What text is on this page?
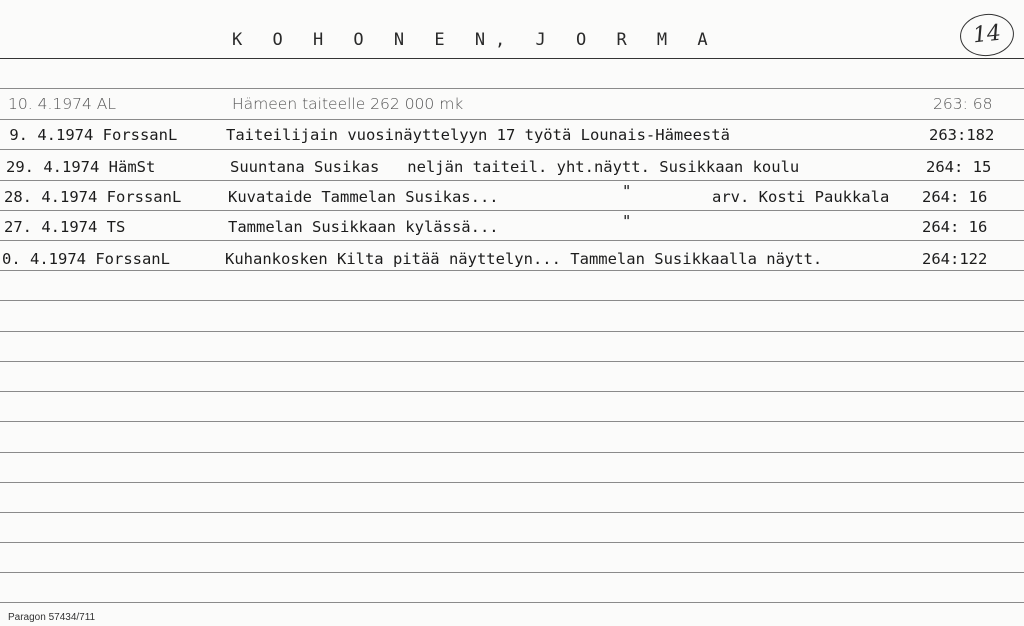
K O H O N E N, J O R M A	14
10. 4.1974 AL	Hämeen taiteelle 262 000 mk	263: 68
9. 4.1974 ForssanL	Taiteilijain vuosinäyttelyyn 17 työtä Lounais-Hämeestä	263:182
29. 4.1974 HämSt	Suuntana Susikas   neljän taiteil. yht.näytt. Susikkaan koulu	264: 15
28. 4.1974 ForssanL	Kuvataide Tammelan Susikas...	"	arv. Kosti Paukkala 264: 16
27. 4.1974 TS	Tammelan Susikkaan kylässä...	"	264: 16
0. 4.1974 ForssanL	Kuhankosken Kilta pitää näyttelyn... Tammelan Susikkaalla näytt.	264:122
Paragon 57434/711
